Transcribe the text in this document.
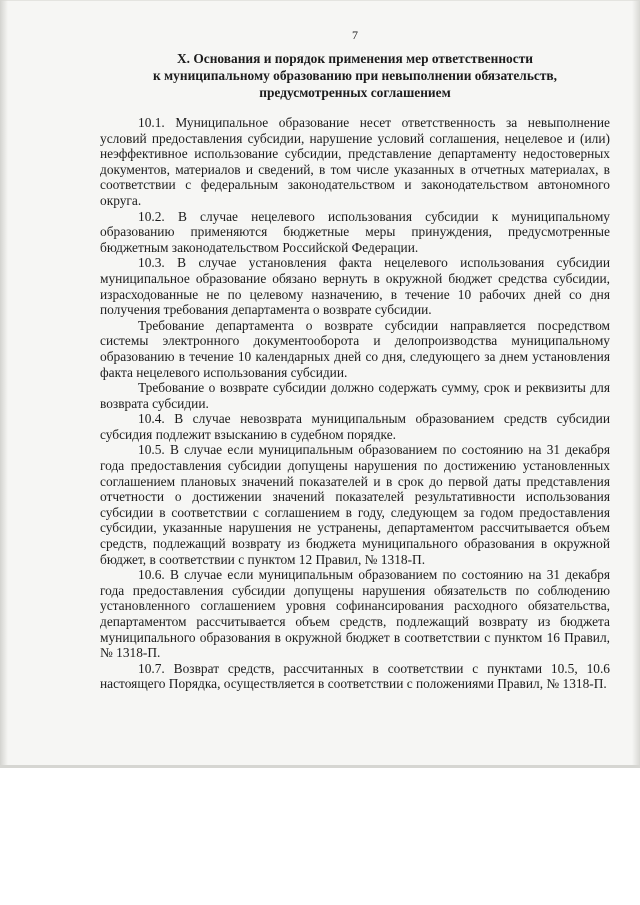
7
X. Основания и порядок применения мер ответственности
к муниципальному образованию при невыполнении обязательств,
предусмотренных соглашением

10.1. Муниципальное образование несет ответственность за невыполнение условий предоставления субсидии, нарушение условий соглашения, нецелевое и (или) неэффективное использование субсидии, представление департаменту недостоверных документов, материалов и сведений, в том числе указанных в отчетных материалах, в соответствии с федеральным законодательством и законодательством автономного округа.

10.2. В случае нецелевого использования субсидии к муниципальному образованию применяются бюджетные меры принуждения, предусмотренные бюджетным законодательством Российской Федерации.

10.3. В случае установления факта нецелевого использования субсидии муниципальное образование обязано вернуть в окружной бюджет средства субсидии, израсходованные не по целевому назначению, в течение 10 рабочих дней со дня получения требования департамента о возврате субсидии.

Требование департамента о возврате субсидии направляется посредством системы электронного документооборота и делопроизводства муниципальному образованию в течение 10 календарных дней со дня, следующего за днем установления факта нецелевого использования субсидии.

Требование о возврате субсидии должно содержать сумму, срок и реквизиты для возврата субсидии.

10.4. В случае невозврата муниципальным образованием средств субсидии субсидия подлежит взысканию в судебном порядке.

10.5. В случае если муниципальным образованием по состоянию на 31 декабря года предоставления субсидии допущены нарушения по достижению установленных соглашением плановых значений показателей и в срок до первой даты представления отчетности о достижении значений показателей результативности использования субсидии в соответствии с соглашением в году, следующем за годом предоставления субсидии, указанные нарушения не устранены, департаментом рассчитывается объем средств, подлежащий возврату из бюджета муниципального образования в окружной бюджет, в соответствии с пунктом 12 Правил, № 1318-П.

10.6. В случае если муниципальным образованием по состоянию на 31 декабря года предоставления субсидии допущены нарушения обязательств по соблюдению установленного соглашением уровня софинансирования расходного обязательства, департаментом рассчитывается объем средств, подлежащий возврату из бюджета муниципального образования в окружной бюджет в соответствии с пунктом 16 Правил, № 1318-П.

10.7. Возврат средств, рассчитанных в соответствии с пунктами 10.5, 10.6 настоящего Порядка, осуществляется в соответствии с положениями Правил, № 1318-П.
